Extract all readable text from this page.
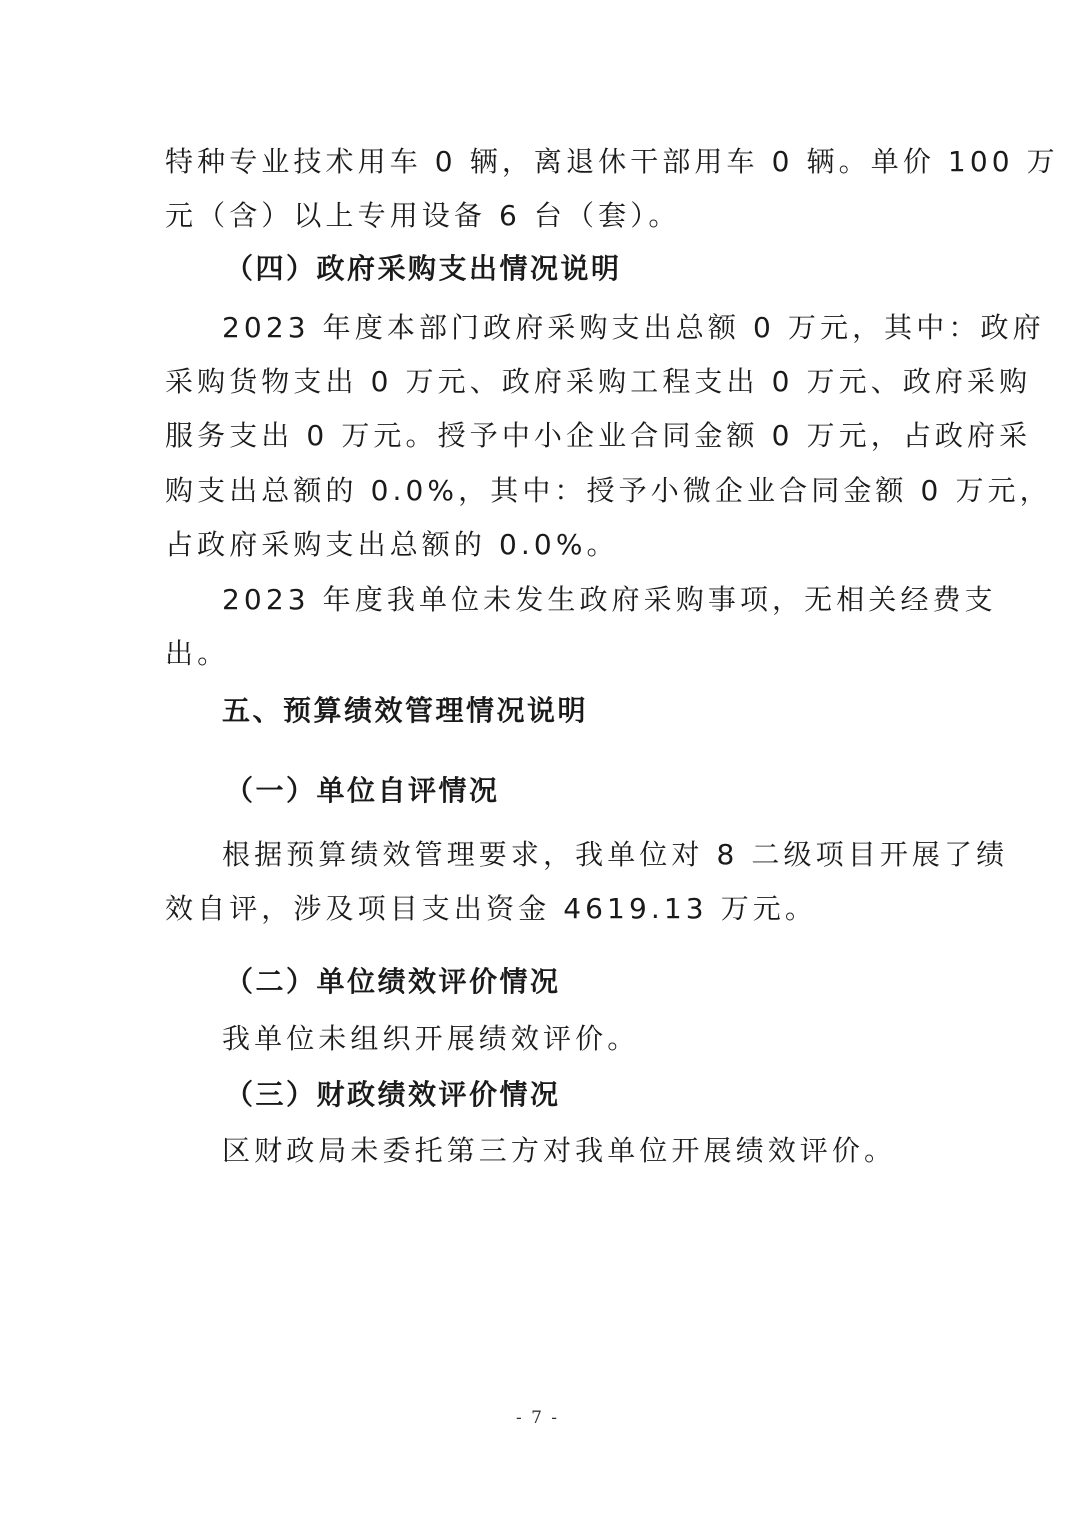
特种专业技术用车 0 辆，离退休干部用车 0 辆。单价 100 万
元（含）以上专用设备 6 台（套）。
（四）政府采购支出情况说明
2023 年度本部门政府采购支出总额 0 万元，其中：政府
采购货物支出 0 万元、政府采购工程支出 0 万元、政府采购
服务支出 0 万元。授予中小企业合同金额 0 万元，占政府采
购支出总额的 0.0%，其中：授予小微企业合同金额 0 万元，
占政府采购支出总额的 0.0%。
2023 年度我单位未发生政府采购事项，无相关经费支
出。
五、预算绩效管理情况说明
（一）单位自评情况
根据预算绩效管理要求，我单位对 8 二级项目开展了绩
效自评，涉及项目支出资金 4619.13 万元。
（二）单位绩效评价情况
我单位未组织开展绩效评价。
（三）财政绩效评价情况
区财政局未委托第三方对我单位开展绩效评价。
- 7 -
